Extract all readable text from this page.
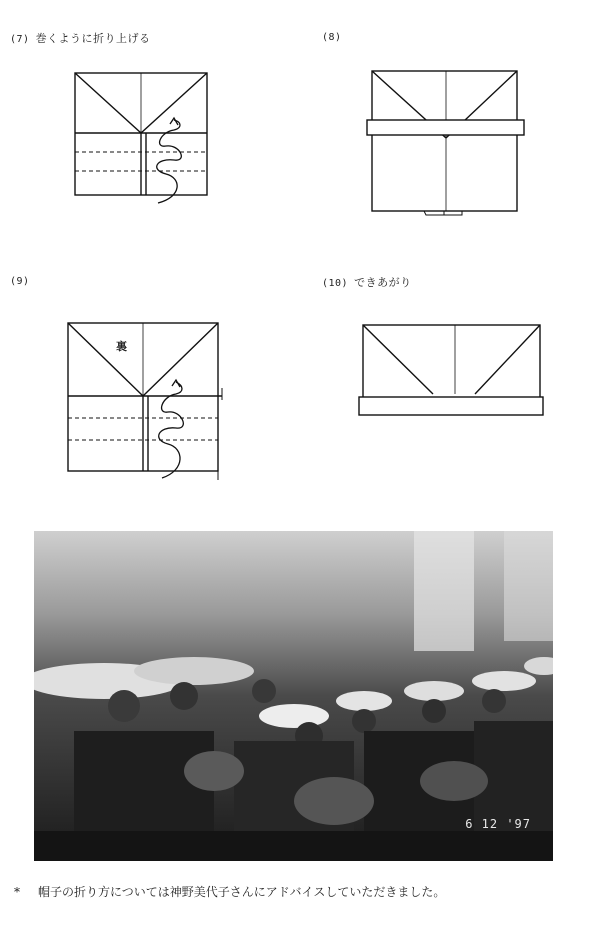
(7) 巻くように折り上げる	(8)
(9)	(10) できあがり
裏
6 12 '97
* 帽子の折り方については神野美代子さんにアドバイスしていただきました。
